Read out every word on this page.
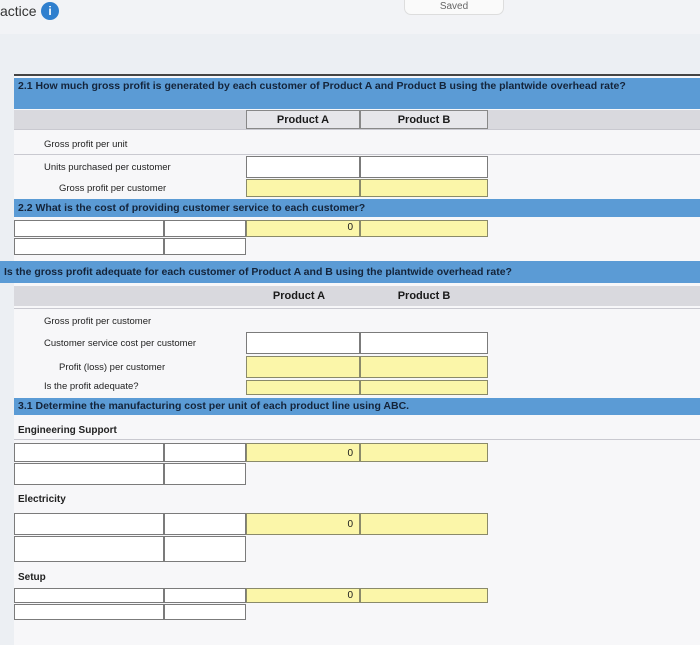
actice i	Saved
2.1 How much gross profit is generated by each customer of Product A and Product B using the plantwide overhead rate?
Product A	Product B
Gross profit per unit
Units purchased per customer
Gross profit per customer
2.2 What is the cost of providing customer service to each customer?
0
Is the gross profit adequate for each customer of Product A and B using the plantwide overhead rate?
Product A	Product B
Gross profit per customer
Customer service cost per customer
Profit (loss) per customer
Is the profit adequate?
3.1 Determine the manufacturing cost per unit of each product line using ABC.
Engineering Support
0
Electricity
0
Setup
0
